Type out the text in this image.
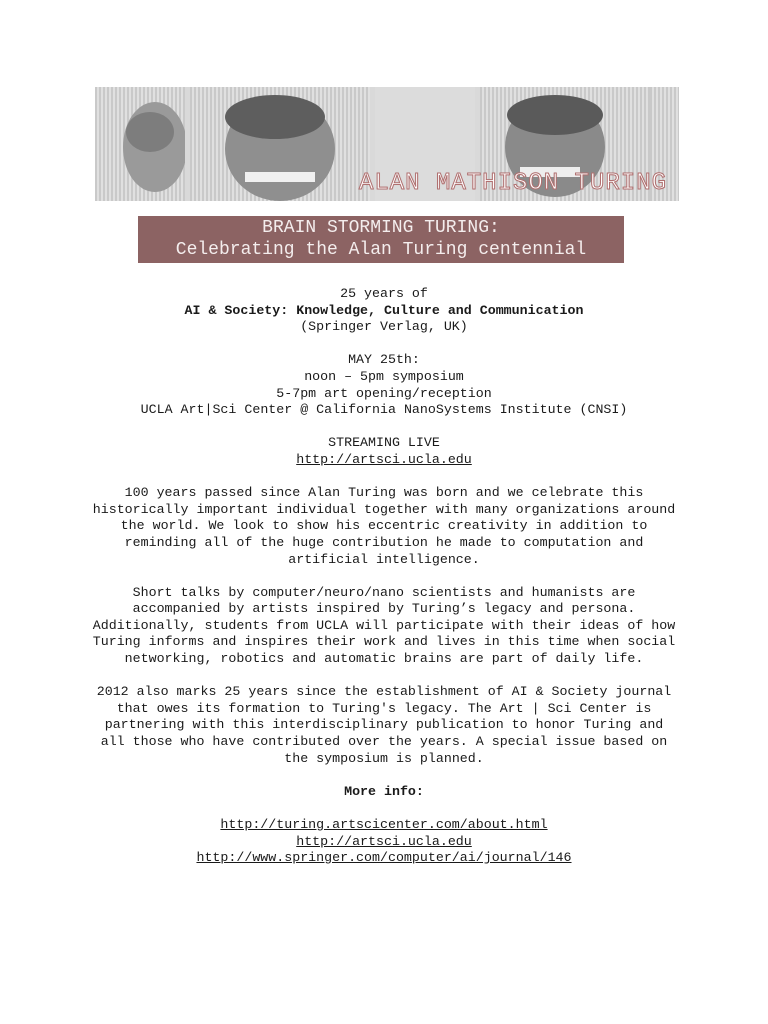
ALAN MATHISON TURING
BRAIN STORMING TURING:
Celebrating the Alan Turing centennial

25 years of

AI & Society: Knowledge, Culture and Communication

(Springer Verlag, UK)

MAY 25th:

noon – 5pm symposium

5-7pm art opening/reception

UCLA Art|Sci Center @ California NanoSystems Institute (CNSI)

STREAMING LIVE

http://artsci.ucla.edu

100 years passed since Alan Turing was born and we celebrate this historically important individual together with many organizations around the world. We look to show his eccentric creativity in addition to reminding all of the huge contribution he made to computation and artificial intelligence.

Short talks by computer/neuro/nano scientists and humanists are accompanied by artists inspired by Turing’s legacy and persona. Additionally, students from UCLA will participate with their ideas of how Turing informs and inspires their work and lives in this time when social networking, robotics and automatic brains are part of daily life.

2012 also marks 25 years since the establishment of AI & Society journal that owes its formation to Turing's legacy. The Art | Sci Center is partnering with this interdisciplinary publication to honor Turing and all those who have contributed over the years. A special issue based on the symposium is planned.

More info:

http://turing.artscicenter.com/about.html

http://artsci.ucla.edu

http://www.springer.com/computer/ai/journal/146
